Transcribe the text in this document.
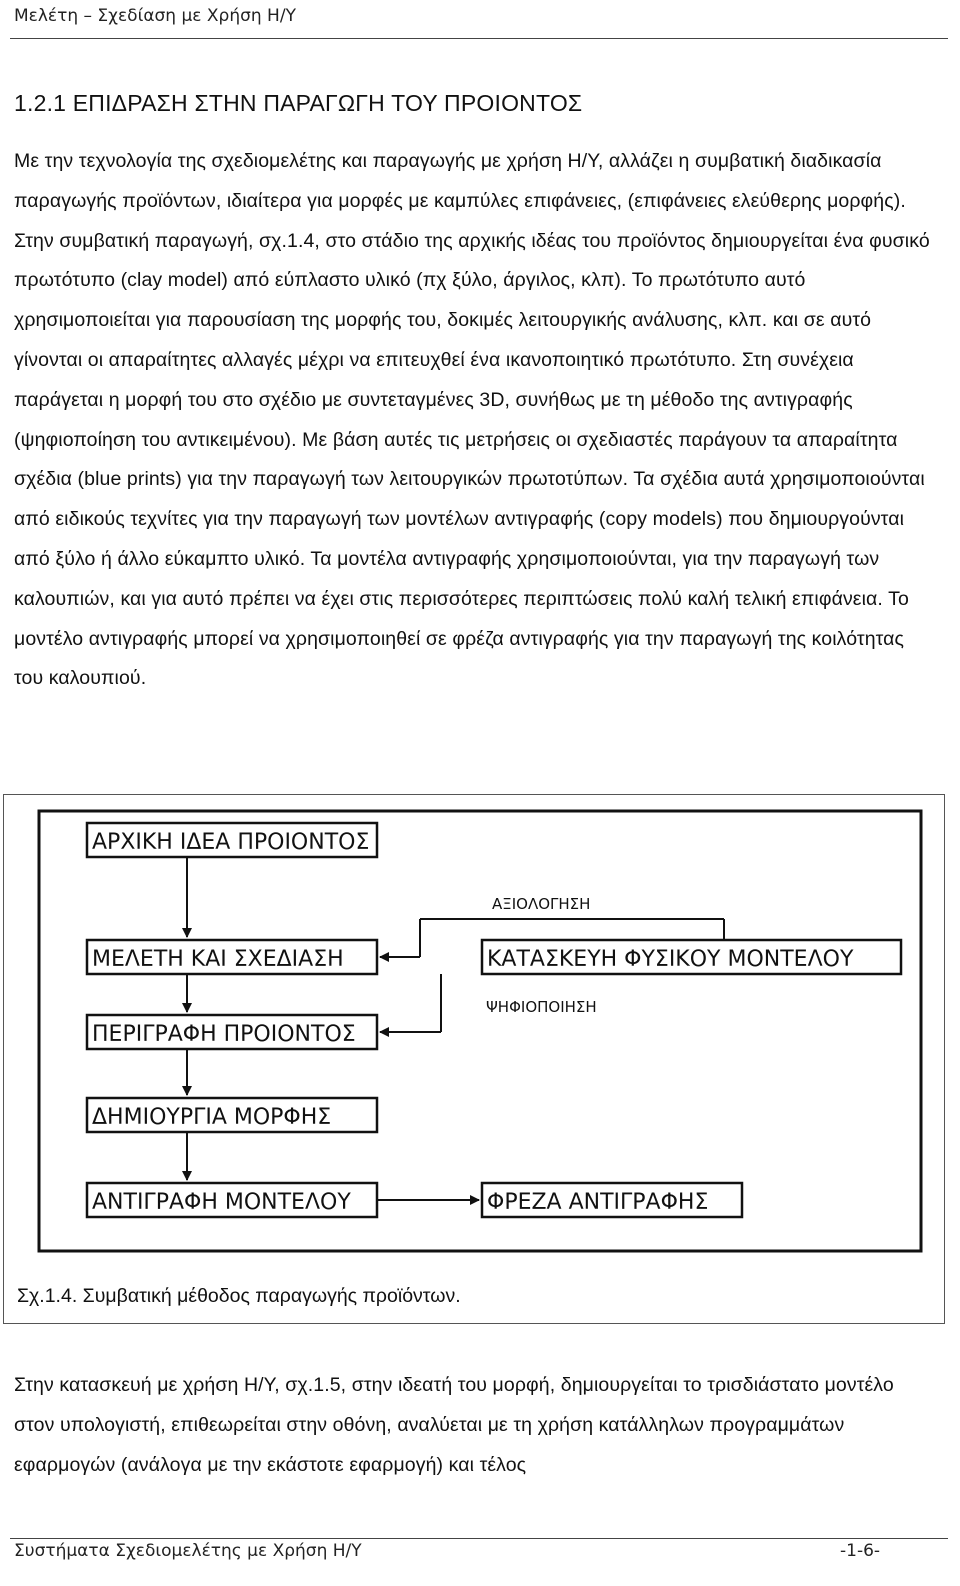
Μελέτη – Σχεδίαση με Χρήση Η/Υ
1.2.1 ΕΠΙΔΡΑΣΗ ΣΤΗΝ ΠΑΡΑΓΩΓΗ ΤΟΥ ΠΡΟΙΟΝΤΟΣ

Με την τεχνολογία της σχεδιομελέτης και παραγωγής με χρήση Η/Υ, αλλάζει η συμβατική διαδικασία παραγωγής προϊόντων, ιδιαίτερα για μορφές με καμπύλες επιφάνειες, (επιφάνειες ελεύθερης μορφής). Στην συμβατική παραγωγή, σχ.1.4, στο στάδιο της αρχικής ιδέας του προϊόντος δημιουργείται ένα φυσικό πρωτότυπο (clay model) από εύπλαστο υλικό (πχ ξύλο, άργιλος, κλπ). Το πρωτότυπο αυτό χρησιμοποιείται για παρουσίαση της μορφής του, δοκιμές λειτουργικής ανάλυσης, κλπ. και σε αυτό γίνονται οι απαραίτητες αλλαγές μέχρι να επιτευχθεί ένα ικανοποιητικό πρωτότυπο. Στη συνέχεια παράγεται η μορφή του στο σχέδιο με συντεταγμένες 3D, συνήθως με τη μέθοδο της αντιγραφής (ψηφιοποίηση του αντικειμένου). Με βάση αυτές τις μετρήσεις οι σχεδιαστές παράγουν τα απαραίτητα σχέδια (blue prints) για την παραγωγή των λειτουργικών πρωτοτύπων. Τα σχέδια αυτά χρησιμοποιούνται από ειδικούς τεχνίτες για την παραγωγή των μοντέλων αντιγραφής (copy models) που δημιουργούνται από ξύλο ή άλλο εύκαμπτο υλικό. Τα μοντέλα αντιγραφής χρησιμοποιούνται, για την παραγωγή των καλουπιών, και για αυτό πρέπει να έχει στις περισσότερες περιπτώσεις πολύ καλή τελική επιφάνεια. Το μοντέλο αντιγραφής μπορεί να χρησιμοποιηθεί σε φρέζα αντιγραφής για την παραγωγή της κοιλότητας του καλουπιού.

ΑΡΧΙΚΗ ΙΔΕΑ ΠΡΟΙΟΝΤΟΣ
ΜΕΛΕΤΗ ΚΑΙ ΣΧΕΔΙΑΣΗ	ΚΑΤΑΣΚΕΥΗ ΦΥΣΙΚΟΥ ΜΟΝΤΕΛΟΥ
ΠΕΡΙΓΡΑΦΗ ΠΡΟΙΟΝΤΟΣ
ΔΗΜΙΟΥΡΓΙΑ ΜΟΡΦΗΣ
ΑΝΤΙΓΡΑΦΗ ΜΟΝΤΕΛΟΥ	ΦΡΕΖΑ ΑΝΤΙΓΡΑΦΗΣ
ΑΞΙΟΛΟΓΗΣΗ
ΨΗΦΙΟΠΟΙΗΣΗ
Σχ.1.4. Συμβατική μέθοδος παραγωγής προϊόντων.

Στην κατασκευή με χρήση Η/Υ, σχ.1.5, στην ιδεατή του μορφή, δημιουργείται το τρισδιάστατο μοντέλο στον υπολογιστή, επιθεωρείται στην οθόνη, αναλύεται με τη χρήση κατάλληλων προγραμμάτων εφαρμογών (ανάλογα με την εκάστοτε εφαρμογή) και τέλος

Συστήματα Σχεδιομελέτης με Χρήση Η/Υ	-1-6-
